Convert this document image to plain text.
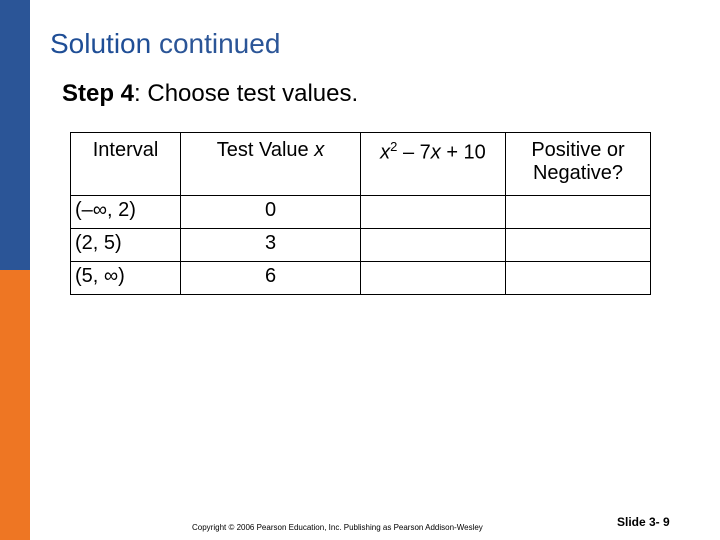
Solution continued
Step 4: Choose test values.
Interval	Test Value x	$x^2 - 7x + 10$	Positive or
Negative?
(–∞, 2)	0		
(2, 5)	3		
(5, ∞)	6		
Copyright © 2006 Pearson Education, Inc. Publishing as Pearson Addison-Wesley	Slide 3- 9
